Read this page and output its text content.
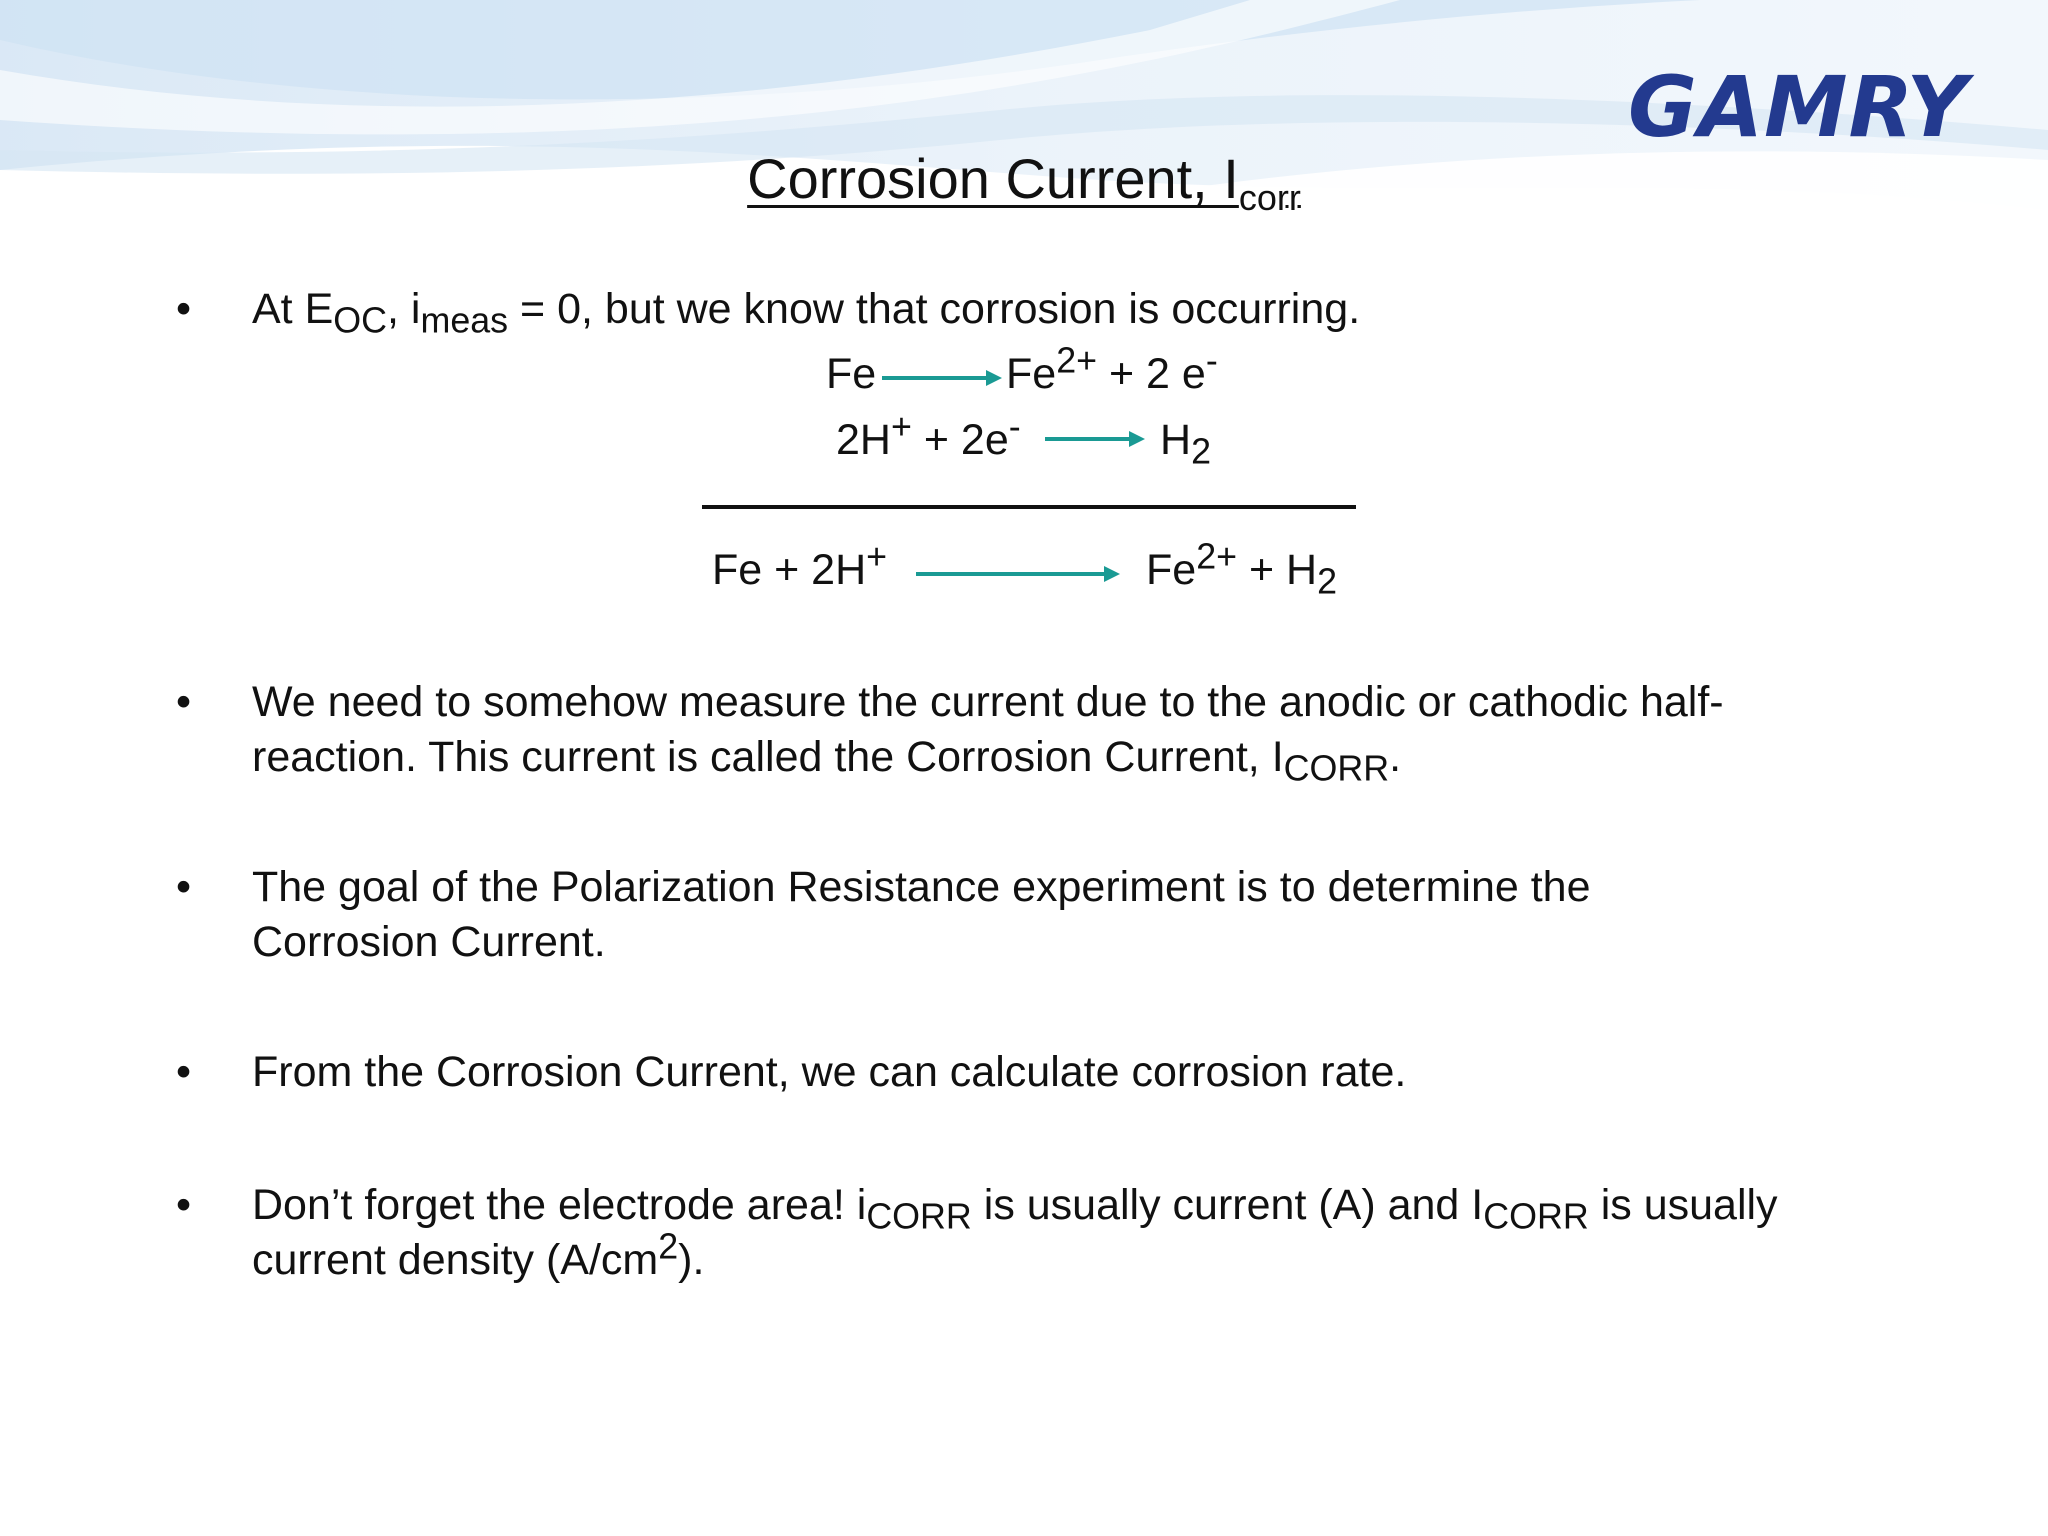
GAMRY
Corrosion Current, $I_{corr}$
• At $E_{OC}$, $i_{meas} = 0$, but we know that corrosion is occurring.
Fe	$Fe^{2+} + 2$ e-
2H+ + 2e-	$H_2$
Fe + 2H+	$Fe^{2+} + H_2$
• We need to somehow measure the current due to the anodic or cathodic half-
reaction. This current is called the Corrosion Current, $I_{CORR}$.
• The goal of the Polarization Resistance experiment is to determine the
Corrosion Current.
• From the Corrosion Current, we can calculate corrosion rate.
• Don’t forget the electrode area! $i_{CORR}$ is usually current (A) and $I_{CORR}$ is usually
current density $(A/cm^2)$.
